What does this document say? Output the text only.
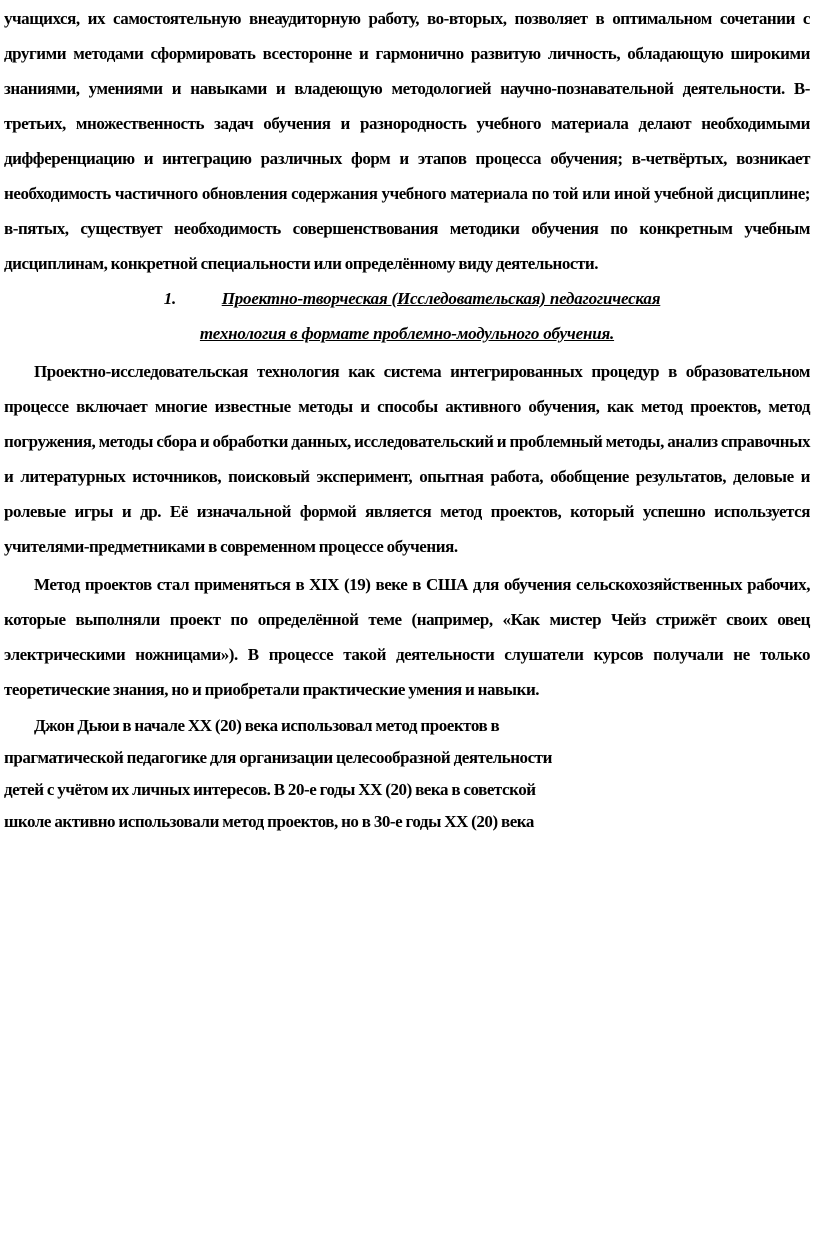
учащихся, их самостоятельную внеаудиторную работу, во-вторых, позволяет в оптимальном сочетании с другими методами сформировать всесторонне и гармонично развитую личность, обладающую широкими знаниями, умениями и навыками и владеющую методологией научно-познавательной деятельности. В-третьих, множественность задач обучения и разнородность учебного материала делают необходимыми дифференциацию и интеграцию различных форм и этапов процесса обучения; в-четвёртых, возникает необходимость частичного обновления содержания учебного материала по той или иной учебной дисциплине; в-пятых, существует необходимость совершенствования методики обучения по конкретным учебным дисциплинам, конкретной специальности или определённому виду деятельности.

1.	Проектно-творческая (Исследовательская) педагогическая
технология в формате проблемно-модульного обучения.

Проектно-исследовательская технология как система интегрированных процедур в образовательном процессе включает многие известные методы и способы активного обучения, как метод проектов, метод погружения, методы сбора и обработки данных, исследовательский и проблемный методы, анализ справочных и литературных источников, поисковый эксперимент, опытная работа, обобщение результатов, деловые и ролевые игры и др. Её изначальной формой является метод проектов, который успешно используется учителями-предметниками в современном процессе обучения.

Метод проектов стал применяться в XIX (19) веке в США для обучения сельскохозяйственных рабочих, которые выполняли проект по определённой теме (например, «Как мистер Чейз стрижёт своих овец электрическими ножницами»). В процессе такой деятельности слушатели курсов получали не только теоретические знания, но и приобретали практические умения и навыки.

Джон Дьюи в начале XX (20) века использовал метод проектов в
прагматической педагогике для организации целесообразной деятельности
детей с учётом их личных интересов. В 20-е годы XX (20) века в советской
школе активно использовали метод проектов, но в 30-е годы XX (20) века
